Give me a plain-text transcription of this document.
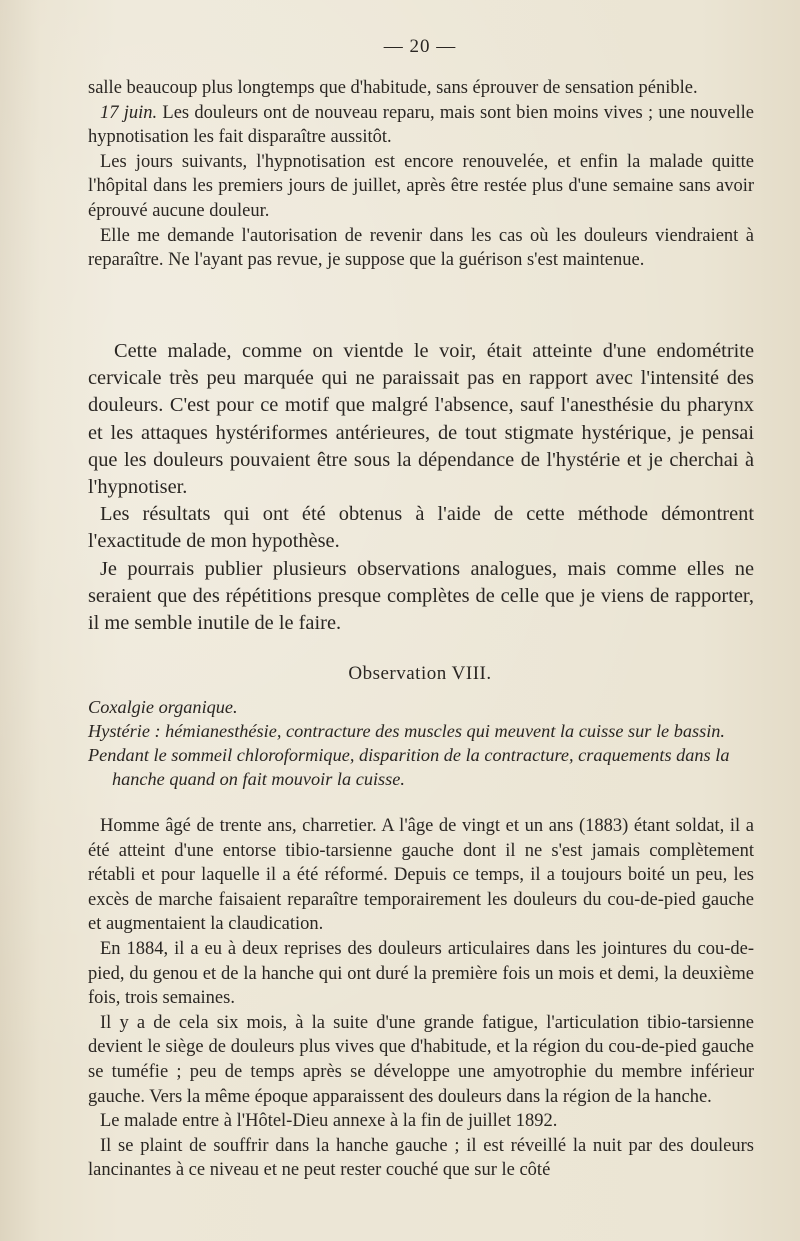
— 20 —

salle beaucoup plus longtemps que d'habitude, sans éprouver de sensation pénible.

17 juin. Les douleurs ont de nouveau reparu, mais sont bien moins vives ; une nouvelle hypnotisation les fait disparaître aussitôt.

Les jours suivants, l'hypnotisation est encore renouvelée, et enfin la malade quitte l'hôpital dans les premiers jours de juillet, après être restée plus d'une semaine sans avoir éprouvé aucune douleur.

Elle me demande l'autorisation de revenir dans les cas où les douleurs viendraient à reparaître. Ne l'ayant pas revue, je suppose que la guérison s'est maintenue.

Cette malade, comme on vientde le voir, était atteinte d'une endométrite cervicale très peu marquée qui ne paraissait pas en rapport avec l'intensité des douleurs. C'est pour ce motif que malgré l'absence, sauf l'anesthésie du pharynx et les attaques hystériformes antérieures, de tout stigmate hystérique, je pensai que les douleurs pouvaient être sous la dépendance de l'hystérie et je cherchai à l'hypnotiser.

Les résultats qui ont été obtenus à l'aide de cette méthode démontrent l'exactitude de mon hypothèse.

Je pourrais publier plusieurs observations analogues, mais comme elles ne seraient que des répétitions presque complètes de celle que je viens de rapporter, il me semble inutile de le faire.

Observation VIII.

Coxalgie organique.

Hystérie : hémianesthésie, contracture des muscles qui meuvent la cuisse sur le bassin.

Pendant le sommeil chloroformique, disparition de la contracture, craquements dans la hanche quand on fait mouvoir la cuisse.

Homme âgé de trente ans, charretier. A l'âge de vingt et un ans (1883) étant soldat, il a été atteint d'une entorse tibio-tarsienne gauche dont il ne s'est jamais complètement rétabli et pour laquelle il a été réformé. Depuis ce temps, il a toujours boité un peu, les excès de marche faisaient reparaître temporairement les douleurs du cou-de-pied gauche et augmentaient la claudication.

En 1884, il a eu à deux reprises des douleurs articulaires dans les jointures du cou-de-pied, du genou et de la hanche qui ont duré la première fois un mois et demi, la deuxième fois, trois semaines.

Il y a de cela six mois, à la suite d'une grande fatigue, l'articulation tibio-tarsienne devient le siège de douleurs plus vives que d'habitude, et la région du cou-de-pied gauche se tuméfie ; peu de temps après se développe une amyotrophie du membre inférieur gauche. Vers la même époque apparaissent des douleurs dans la région de la hanche.

Le malade entre à l'Hôtel-Dieu annexe à la fin de juillet 1892.

Il se plaint de souffrir dans la hanche gauche ; il est réveillé la nuit par des douleurs lancinantes à ce niveau et ne peut rester couché que sur le côté
